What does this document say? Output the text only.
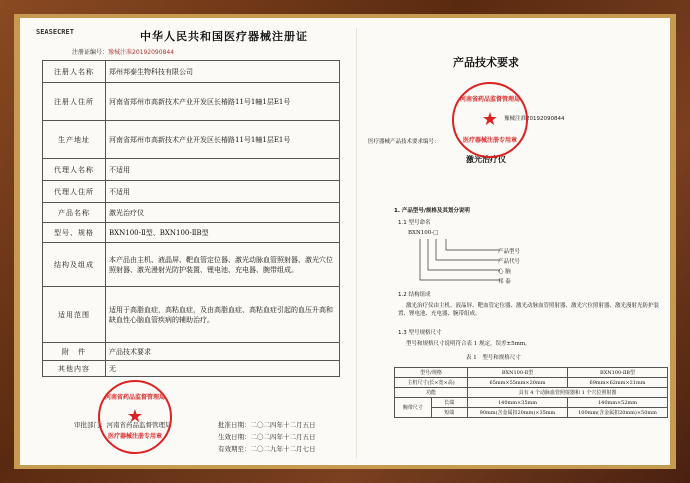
SEASECRET	中华人民共和国医疗器械注册证
注册证编号：豫械注准20192090844
注册人名称	郑州邦泰生物科技有限公司
注册人住所	河南省郑州市高新技术产业开发区长椿路11号1幢1层E1号
生产地址	河南省郑州市高新技术产业开发区长椿路11号1幢1层E1号
代理人名称	不适用
代理人住所	不适用
产品名称	激光治疗仪
型号、规格	BXN100-Ⅱ型、BXN100-ⅡB型
结构及组成	本产品由主机、液晶屏、靶血管定位器、激光动脉血管照射器、激光穴位照射器、激光漫射光防护装置、锂电池、充电器、腕带组成。
适用范围	适用于高脂血症，高粘血症，及由高脂血症、高粘血症引起的血压升高和缺血性心脑血管疾病的辅助治疗。
附　件	产品技术要求
其他内容	无
审批部门：河南省药品监督管理局	批准日期：二〇二四年十二月五日
生效日期：二〇二四年十二月五日
有效期至：二〇二九年十二月七日
河南省药品监督管理局
★
医疗器械注册专用章
产品技术要求
豫械注准20192090844
医疗器械产品技术要求编号：
激光治疗仪
河南省药品监督管理局
★
医疗器械注册专用章
1. 产品型号/规格及其划分说明
1.1 型号命名
BXN100-□
产品型号
产品代号
心 脑
邦 泰
1.2 结构组成
激光治疗仪由主机、液晶屏、靶血管定位器、激光动脉血管照射器、激光穴位照射器、激光漫射光防护装置、锂电池、充电器、腕带组成。
1.3 型号规格尺寸
型号和规格尺寸说明符合表 1 规定，误差±5mm。
表 1　型号和规格尺寸
型号/规格		BXN100-Ⅱ型	BXN100-ⅡB型
主机尺寸(长×宽×高)		65mm×55mm×20mm	69mm×62mm×21mm
功能		具有 4 个动脉血管照射器和 1 个穴位照射器	
腕带尺寸	长端	140mm×35mm	140mm×52mm
	短端	90mm(含金属扣20mm)×35mm	100mm(含金属扣20mm)×50mm
